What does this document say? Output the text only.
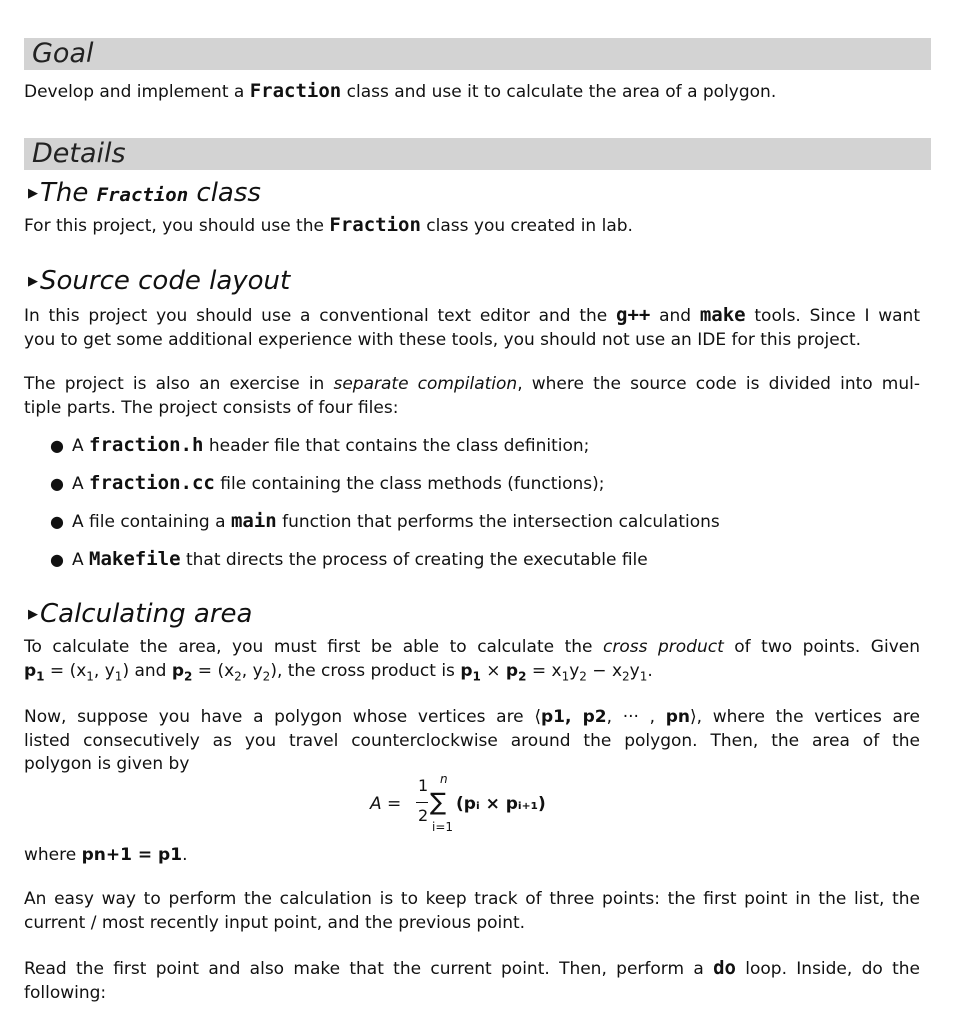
Goal
Develop and implement a Fraction class and use it to calculate the area of a polygon.
Details
▶The Fraction class
For this project, you should use the Fraction class you created in lab.
▶Source code layout
In this project you should use a conventional text editor and the g++ and make tools. Since I want
you to get some additional experience with these tools, you should not use an IDE for this project.
The project is also an exercise in separate compilation, where the source code is divided into mul-
tiple parts. The project consists of four files:
● A fraction.h header file that contains the class definition;
● A fraction.cc file containing the class methods (functions);
● A file containing a main function that performs the intersection calculations
● A Makefile that directs the process of creating the executable file
▶Calculating area
To calculate the area, you must first be able to calculate the cross product of two points. Given
$p_1 = (x_1$, $y_1$) and $p_2 = (x_2$, $y_2$), the cross product is $p_1 \times p_2 = x_1y_2 - x_2y_1$.
Now, suppose you have a polygon whose vertices are ⟨p1, p2, ··· , pn⟩, where the vertices are
listed consecutively as you travel counterclockwise around the polygon. Then, the area of the
polygon is given by
A =
1
2 ∑
n
i=1
(pᵢ × pᵢ₊₁)
where pn+1 = p1.
An easy way to perform the calculation is to keep track of three points: the first point in the list, the
current / most recently input point, and the previous point.
Read the first point and also make that the current point. Then, perform a do loop. Inside, do the
following:
